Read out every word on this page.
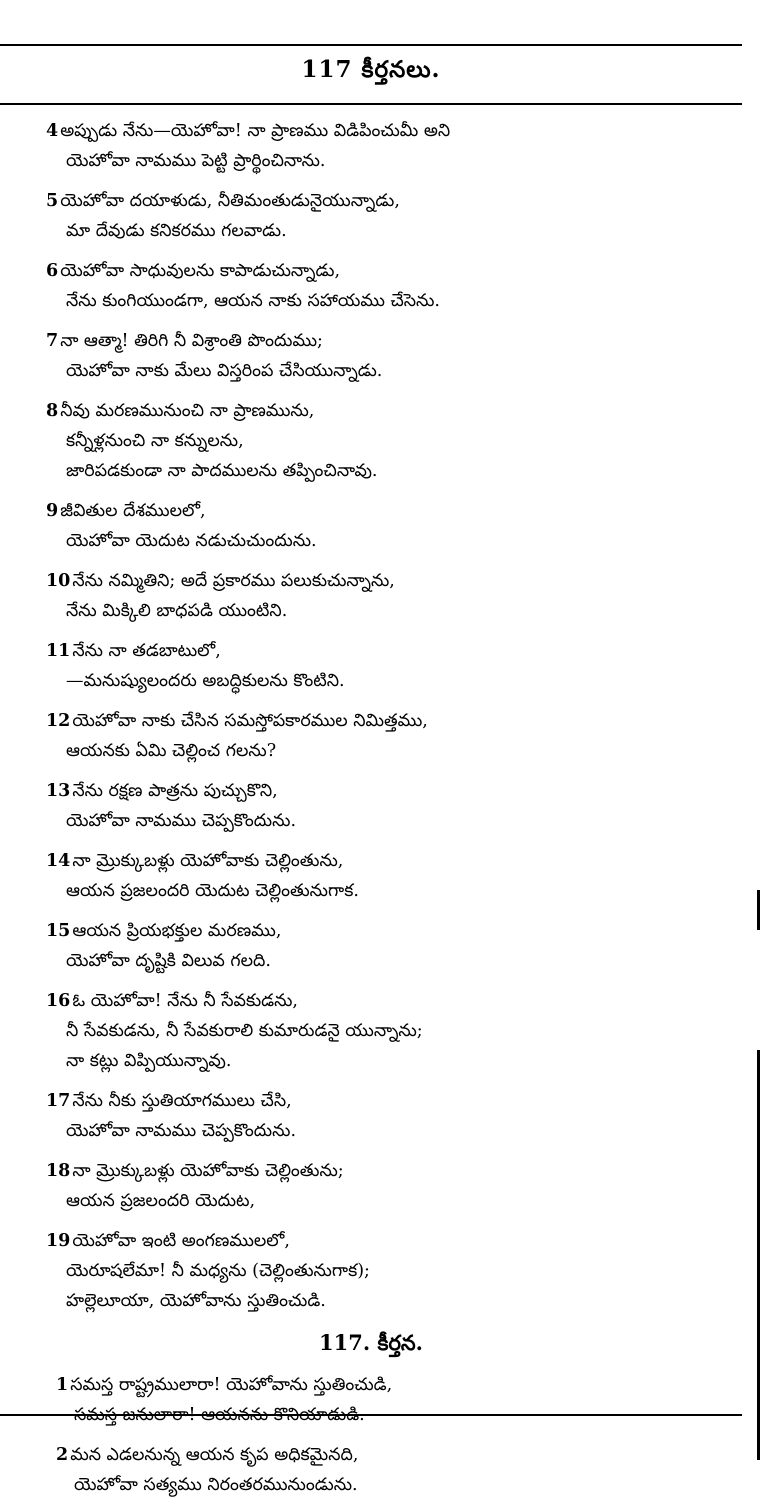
117 కీర్తనలు.
4 అప్పుడు నేను—యెహోవా! నా ప్రాణము విడిపించుమీ అని
యెహోవా నామము పెట్టి ప్రార్థించినాను.
5 యెహోవా దయాళుడు, నీతిమంతుడునైయున్నాడు,
మా దేవుడు కనికరము గలవాడు.
6 యెహోవా సాధువులను కాపాడుచున్నాడు,
నేను కుంగియుండగా, ఆయన నాకు సహాయము చేసెను.
7 నా ఆత్మా! తిరిగి నీ విశ్రాంతి పొందుము;
యెహోవా నాకు మేలు విస్తరింప చేసియున్నాడు.
8 నీవు మరణమునుంచి నా ప్రాణమును,
కన్నీళ్లనుంచి నా కన్నులను,
జారిపడకుండా నా పాదములను తప్పించినావు.
9 జీవితుల దేశములలో,
యెహోవా యెదుట నడుచుచుందును.
10 నేను నమ్మితిని; అదే ప్రకారము పలుకుచున్నాను,
నేను మిక్కిలి బాధపడి యుంటిని.
11 నేను నా తడబాటులో,
—మనుష్యులందరు అబద్ధికులను కొంటిని.
12 యెహోవా నాకు చేసిన సమస్తోపకారముల నిమిత్తము,
ఆయనకు ఏమి చెల్లించ గలను?
13 నేను రక్షణ పాత్రను పుచ్చుకొని,
యెహోవా నామము చెప్పకొందును.
14 నా మ్రొక్కుబళ్లు యెహోవాకు చెల్లింతును,
ఆయన ప్రజలందరి యెదుట చెల్లింతునుగాక.
15 ఆయన ప్రియభక్తుల మరణము,
యెహోవా దృష్టికి విలువ గలది.
16 ఓ యెహోవా! నేను నీ సేవకుడను,
నీ సేవకుడను, నీ సేవకురాలి కుమారుడనై యున్నాను;
నా కట్లు విప్పియున్నావు.
17 నేను నీకు స్తుతియాగములు చేసి,
యెహోవా నామము చెప్పకొందును.
18 నా మ్రొక్కుబళ్లు యెహోవాకు చెల్లింతును;
ఆయన ప్రజలందరి యెదుట,
19 యెహోవా ఇంటి అంగణములలో,
యెరూషలేమా! నీ మధ్యను (చెల్లింతునుగాక);
హల్లెలూయా, యెహోవాను స్తుతించుడి.
117. కీర్తన.
1 సమస్త రాష్ట్రములారా! యెహోవాను స్తుతించుడి,
సమస్త జనులారా! ఆయనను కొనియాడుడి.
2 మన ఎడలనున్న ఆయన కృప అధికమైనది,
యెహోవా సత్యము నిరంతరమునుండును.
